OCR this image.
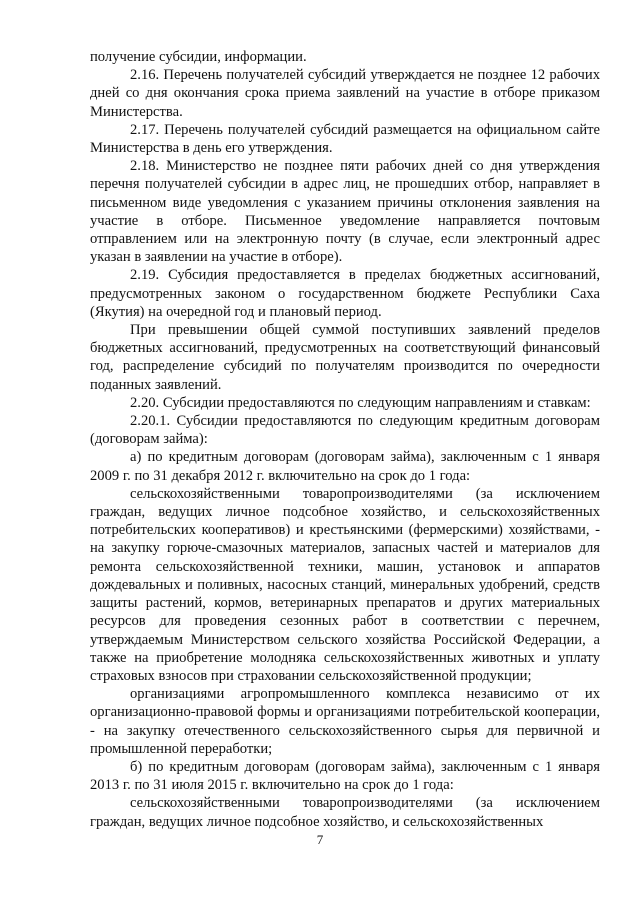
получение субсидии, информации.

2.16. Перечень получателей субсидий утверждается не позднее 12 рабочих дней со дня окончания срока приема заявлений на участие в отборе приказом Министерства.

2.17. Перечень получателей субсидий размещается на официальном сайте Министерства в день его утверждения.

2.18. Министерство не позднее пяти рабочих дней со дня утверждения перечня получателей субсидии в адрес лиц, не прошедших отбор, направляет в письменном виде уведомления с указанием причины отклонения заявления на участие в отборе. Письменное уведомление направляется почтовым отправлением или на электронную почту (в случае, если электронный адрес указан в заявлении на участие в отборе).

2.19. Субсидия предоставляется в пределах бюджетных ассигнований, предусмотренных законом о государственном бюджете Республики Саха (Якутия) на очередной год и плановый период.

При превышении общей суммой поступивших заявлений пределов бюджетных ассигнований, предусмотренных на соответствующий финансовый год, распределение субсидий по получателям производится по очередности поданных заявлений.

2.20. Субсидии предоставляются по следующим направлениям и ставкам:

2.20.1. Субсидии предоставляются по следующим кредитным договорам (договорам займа):

а) по кредитным договорам (договорам займа), заключенным с 1 января 2009 г. по 31 декабря 2012 г. включительно на срок до 1 года:

сельскохозяйственными товаропроизводителями (за исключением граждан, ведущих личное подсобное хозяйство, и сельскохозяйственных потребительских кооперативов) и крестьянскими (фермерскими) хозяйствами, - на закупку горюче-смазочных материалов, запасных частей и материалов для ремонта сельскохозяйственной техники, машин, установок и аппаратов дождевальных и поливных, насосных станций, минеральных удобрений, средств защиты растений, кормов, ветеринарных препаратов и других материальных ресурсов для проведения сезонных работ в соответствии с перечнем, утверждаемым Министерством сельского хозяйства Российской Федерации, а также на приобретение молодняка сельскохозяйственных животных и уплату страховых взносов при страховании сельскохозяйственной продукции;

организациями агропромышленного комплекса независимо от их организационно-правовой формы и организациями потребительской кооперации, - на закупку отечественного сельскохозяйственного сырья для первичной и промышленной переработки;

б) по кредитным договорам (договорам займа), заключенным с 1 января 2013 г. по 31 июля 2015 г. включительно на срок до 1 года:

сельскохозяйственными товаропроизводителями (за исключением граждан, ведущих личное подсобное хозяйство, и сельскохозяйственных

7
